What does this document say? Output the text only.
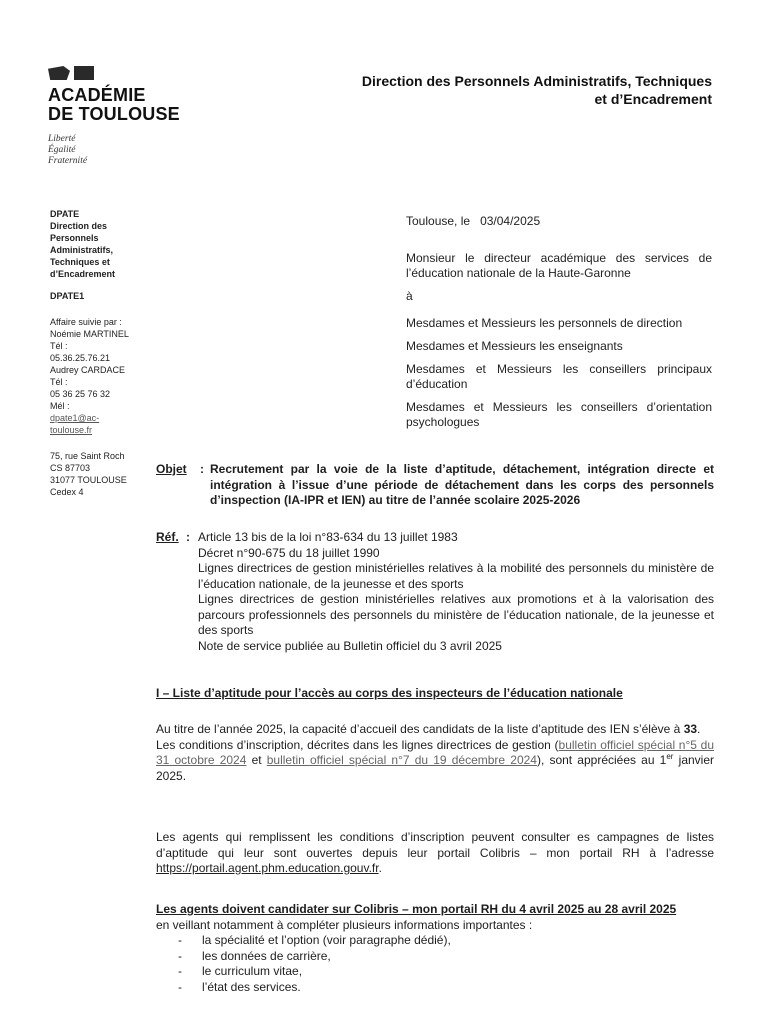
ACADÉMIE
DE TOULOUSE
Liberté
Égalité
Fraternité
Direction des Personnels Administratifs, Techniques
et d’Encadrement
DPATE
Direction des
Personnels
Administratifs,
Techniques et
d’Encadrement
DPATE1
Affaire suivie par :
Noémie MARTINEL
Tél :
05.36.25.76.21
Audrey CARDACE
Tél :
05 36 25 76 32
Mél :
dpate1@ac-
toulouse.fr
75, rue Saint Roch
CS 87703
31077 TOULOUSE
Cedex 4

Toulouse, le 03/04/2025

Monsieur le directeur académique des services de l’éducation nationale de la Haute-Garonne

à

Mesdames et Messieurs les personnels de direction

Mesdames et Messieurs les enseignants

Mesdames et Messieurs les conseillers principaux d’éducation

Mesdames et Messieurs les conseillers d’orientation psychologues

Objet	: Recrutement par la voie de la liste d’aptitude, détachement, intégration directe et intégration à l’issue d’une période de détachement dans les corps des personnels d’inspection (IA-IPR et IEN) au titre de l’année scolaire 2025-2026
Réf. : Article 13 bis de la loi n°83-634 du 13 juillet 1983
Décret n°90-675 du 18 juillet 1990
Lignes directrices de gestion ministérielles relatives à la mobilité des personnels du ministère de l’éducation nationale, de la jeunesse et des sports
Lignes directrices de gestion ministérielles relatives aux promotions et à la valorisation des parcours professionnels des personnels du ministère de l’éducation nationale, de la jeunesse et des sports
Note de service publiée au Bulletin officiel du 3 avril 2025
I – Liste d’aptitude pour l’accès au corps des inspecteurs de l’éducation nationale

Au titre de l’année 2025, la capacité d’accueil des candidats de la liste d’aptitude des IEN s’élève à 33.

Les conditions d’inscription, décrites dans les lignes directrices de gestion (bulletin officiel spécial n°5 du 31 octobre 2024 et bulletin officiel spécial n°7 du 19 décembre 2024), sont appréciées au 1er janvier 2025.

Les agents qui remplissent les conditions d’inscription peuvent consulter es campagnes de listes d’aptitude qui leur sont ouvertes depuis leur portail Colibris – mon portail RH à l’adresse https://portail.agent.phm.education.gouv.fr.

Les agents doivent candidater sur Colibris – mon portail RH du 4 avril 2025 au 28 avril 2025

en veillant notamment à compléter plusieurs informations importantes :

- la spécialité et l’option (voir paragraphe dédié),
- les données de carrière,
- le curriculum vitae,
- l’état des services.
